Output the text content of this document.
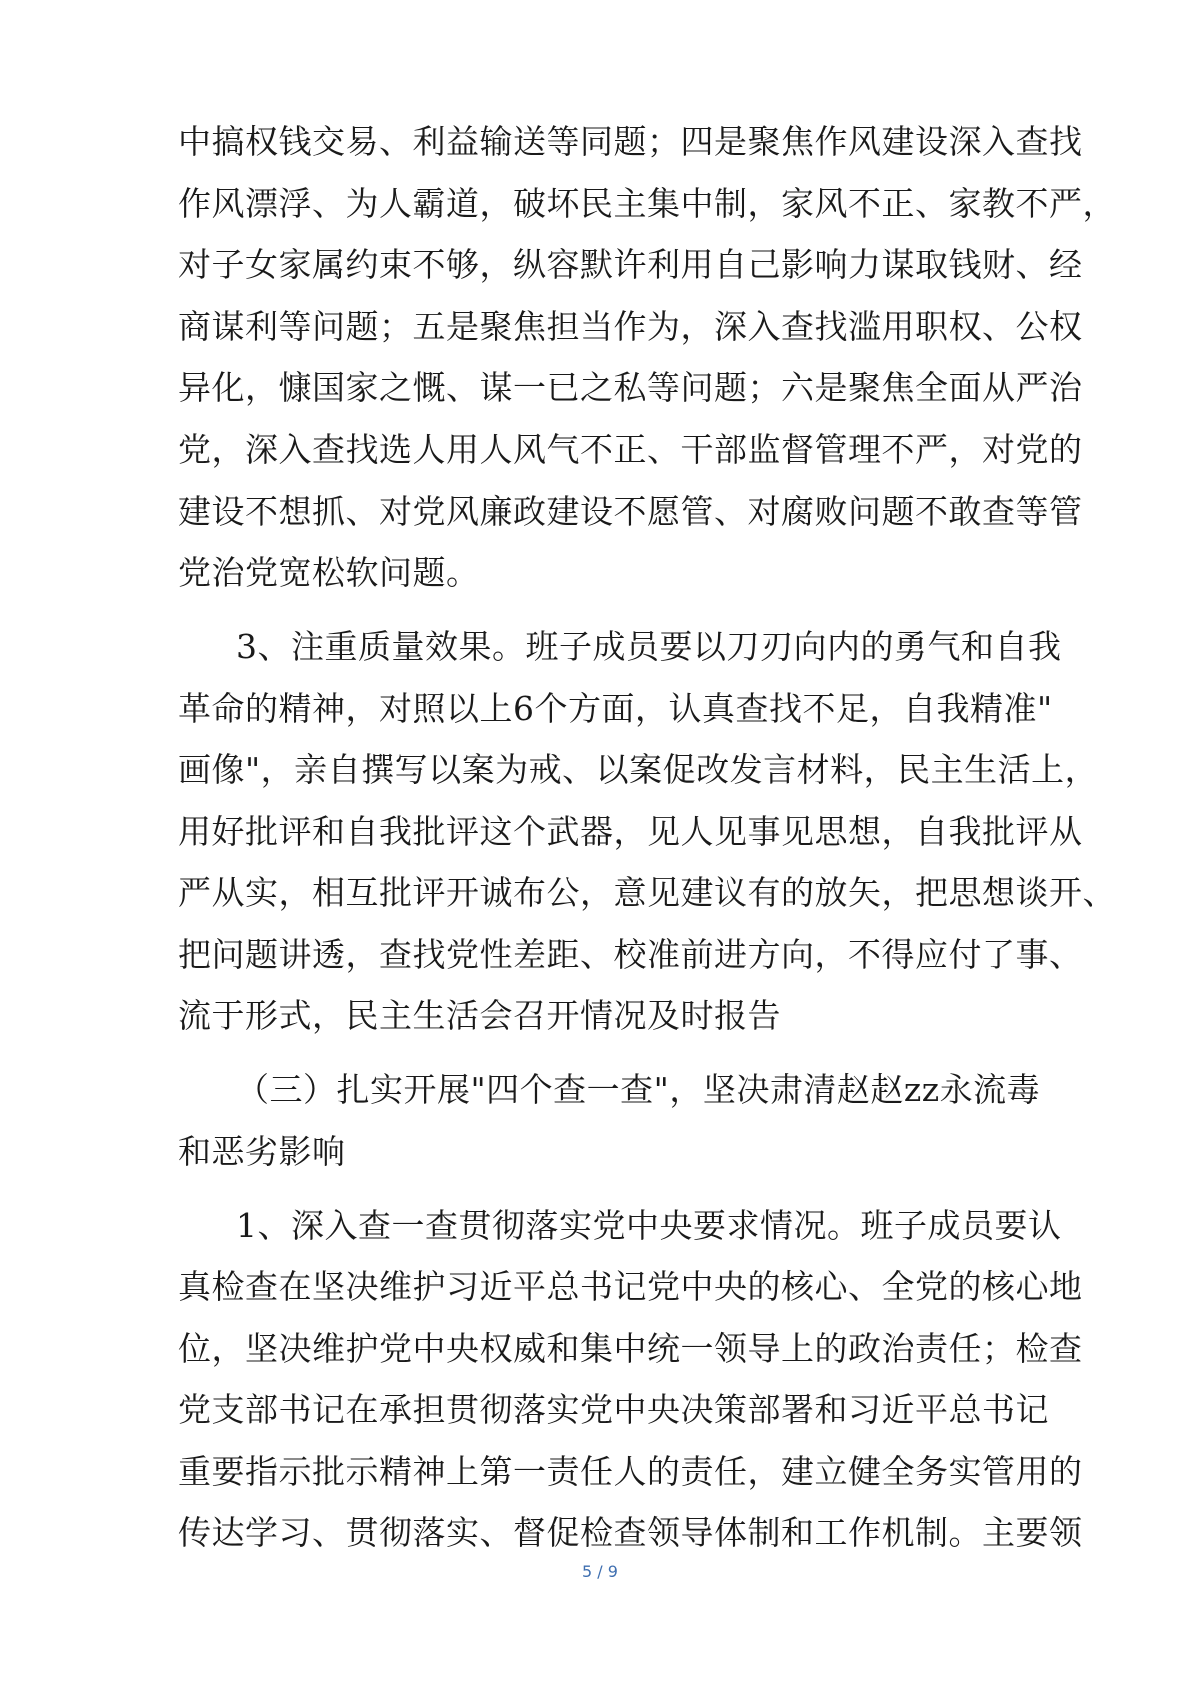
中搞权钱交易、利益输送等同题；四是聚焦作风建设深入查找
作风漂浮、为人霸道，破坏民主集中制，家风不正、家教不严，
对子女家属约束不够，纵容默许利用自己影响力谋取钱财、经
商谋利等问题；五是聚焦担当作为，深入查找滥用职权、公权
异化，慷国家之慨、谋一已之私等问题；六是聚焦全面从严治
党，深入查找选人用人风气不正、干部监督管理不严，对党的
建设不想抓、对党风廉政建设不愿管、对腐败问题不敢查等管
党治党宽松软问题。
3、注重质量效果。班子成员要以刀刃向内的勇气和自我
革命的精神，对照以上6个方面，认真查找不足，自我精准"
画像"，亲自撰写以案为戒、以案促改发言材料，民主生活上，
用好批评和自我批评这个武器，见人见事见思想，自我批评从
严从实，相互批评开诚布公，意见建议有的放矢，把思想谈开、
把问题讲透，查找党性差距、校准前进方向，不得应付了事、
流于形式，民主生活会召开情况及时报告
（三）扎实开展"四个查一查"，坚决肃清赵赵zz永流毒
和恶劣影响
1、深入查一查贯彻落实党中央要求情况。班子成员要认
真检查在坚决维护习近平总书记党中央的核心、全党的核心地
位，坚决维护党中央权威和集中统一领导上的政治责任；检查
党支部书记在承担贯彻落实党中央决策部署和习近平总书记
重要指示批示精神上第一责任人的责任，建立健全务实管用的
传达学习、贯彻落实、督促检查领导体制和工作机制。主要领
5 / 9
